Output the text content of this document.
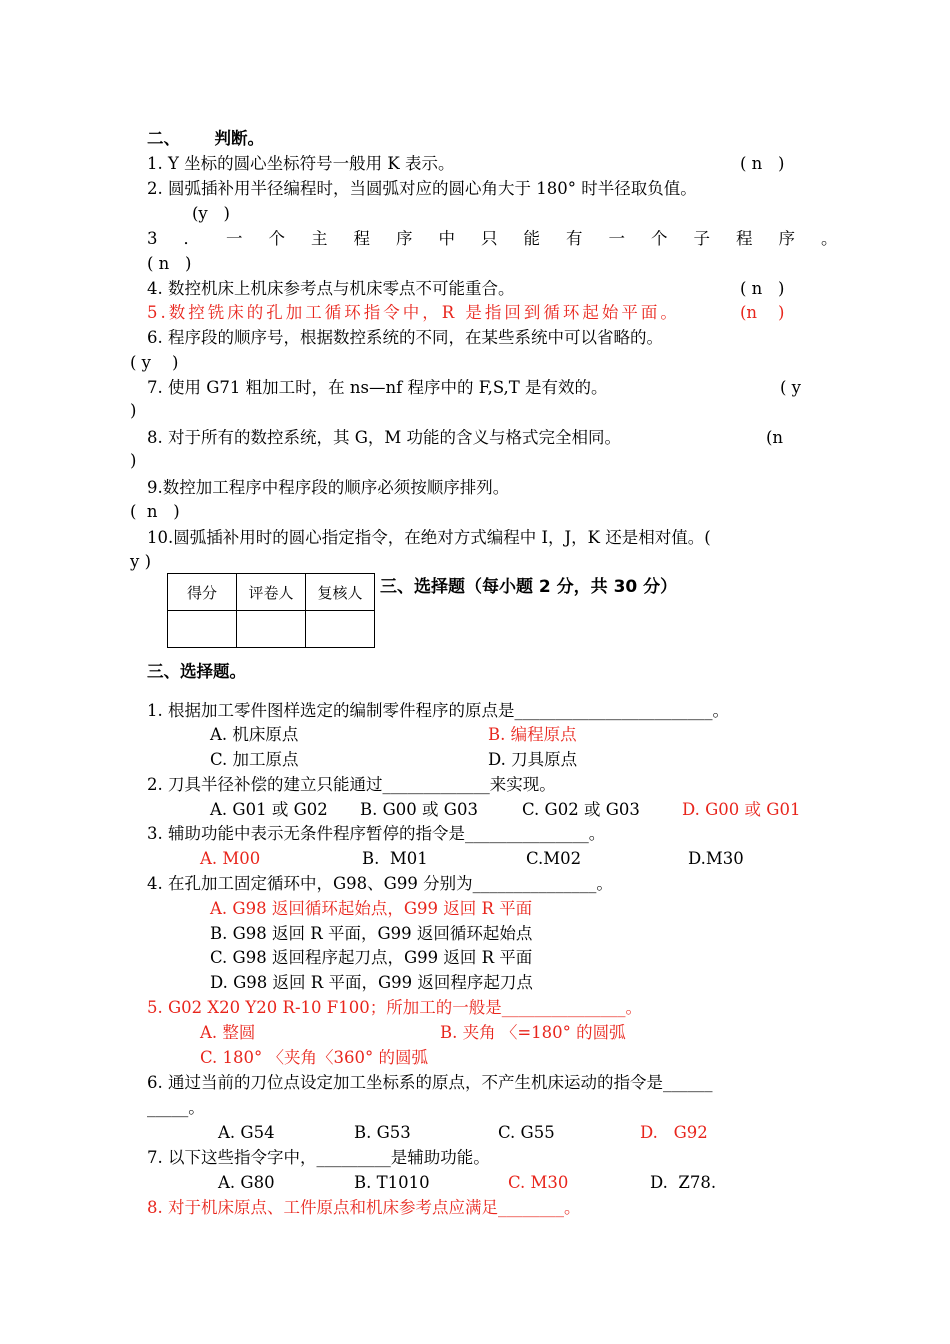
二、      判断。
1. Y 坐标的圆心坐标符号一般用 K 表示。	( n   )
2. 圆弧插补用半径编程时，当圆弧对应的圆心角大于 180° 时半径取负值。
(y   )
3．一个主程序中只能有一个子程序。
( n   )
4. 数控机床上机床参考点与机床零点不可能重合。	( n   )
5.数控铣床的孔加工循环指令中，R 是指回到循环起始平面。	(n    )
6. 程序段的顺序号，根据数控系统的不同，在某些系统中可以省略的。
( y    )
7. 使用 G71 粗加工时，在 ns—nf 程序中的 F,S,T 是有效的。	( y
)
8. 对于所有的数控系统，其 G，M 功能的含义与格式完全相同。	(n
)
9.数控加工程序中程序段的顺序必须按顺序排列。
(  n   )
10.圆弧插补用时的圆心指定指令，在绝对方式编程中 I，J，K 还是相对值。(
y )
得分	评卷人	复核人
		三、选择题（每小题 2 分，共 30 分）
三、选择题。
1. 根据加工零件图样选定的编制零件程序的原点是________________________。
A. 机床原点	B. 编程原点
C. 加工原点	D. 刀具原点
2. 刀具半径补偿的建立只能通过_____________来实现。
A. G01 或 G02 B. G00 或 G03	C. G02 或 G03	D. G00 或 G01
3. 辅助功能中表示无条件程序暂停的指令是_______________。
A. M00	B.  M01	C.M02	D.M30
4. 在孔加工固定循环中，G98、G99 分别为_______________。
A. G98 返回循环起始点，G99 返回 R 平面
B. G98 返回 R 平面，G99 返回循环起始点
C. G98 返回程序起刀点，G99 返回 R 平面
D. G98 返回 R 平面，G99 返回程序起刀点
5. G02 X20 Y20 R-10 F100；所加工的一般是_______________。
A. 整圆	B. 夹角 〈=180° 的圆弧
C. 180° 〈夹角〈360° 的圆弧
6. 通过当前的刀位点设定加工坐标系的原点，不产生机床运动的指令是______
_____。
A. G54	B. G53	C. G55	D.   G92
7. 以下这些指令字中，_________是辅助功能。
A. G80	B. T1010	C. M30	D.  Z78.
8. 对于机床原点、工件原点和机床参考点应满足________。
